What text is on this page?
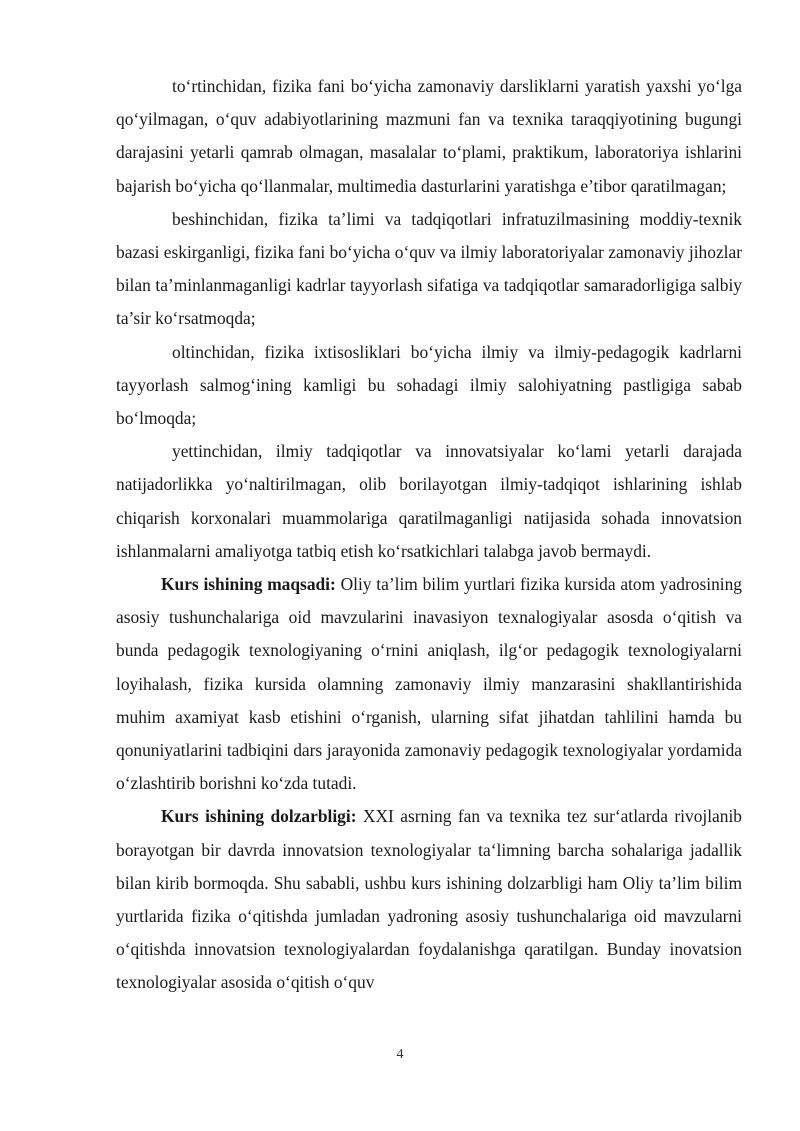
to‘rtinchidan, fizika fani bo‘yicha zamonaviy darsliklarni yaratish yaxshi yo‘lga qo‘yilmagan, o‘quv adabiyotlarining mazmuni fan va texnika taraqqiyotining bugungi darajasini yetarli qamrab olmagan, masalalar to‘plami, praktikum, laboratoriya ishlarini bajarish bo‘yicha qo‘llanmalar, multimedia dasturlarini yaratishga e’tibor qaratilmagan;

beshinchidan, fizika ta’limi va tadqiqotlari infratuzilmasining moddiy-texnik bazasi eskirganligi, fizika fani bo‘yicha o‘quv va ilmiy laboratoriyalar zamonaviy jihozlar bilan ta’minlanmaganligi kadrlar tayyorlash sifatiga va tadqiqotlar samaradorligiga salbiy ta’sir ko‘rsatmoqda;

oltinchidan, fizika ixtisosliklari bo‘yicha ilmiy va ilmiy-pedagogik kadrlarni tayyorlash salmog‘ining kamligi bu sohadagi ilmiy salohiyatning pastligiga sabab bo‘lmoqda;

yettinchidan, ilmiy tadqiqotlar va innovatsiyalar ko‘lami yetarli darajada natijadorlikka yo‘naltirilmagan, olib borilayotgan ilmiy-tadqiqot ishlarining ishlab chiqarish korxonalari muammolariga qaratilmaganligi natijasida sohada innovatsion ishlanmalarni amaliyotga tatbiq etish ko‘rsatkichlari talabga javob bermaydi.

Kurs ishining maqsadi: Oliy ta’lim bilim yurtlari fizika kursida atom yadrosining asosiy tushunchalariga oid mavzularini inavasiyon texnalogiyalar asosda o‘qitish va bunda pedagogik texnologiyaning o‘rnini aniqlash, ilg‘or pedagogik texnologiyalarni loyihalash, fizika kursida olamning zamonaviy ilmiy manzarasini shakllantirishida muhim axamiyat kasb etishini o‘rganish, ularning sifat jihatdan tahlilini hamda bu qonuniyatlarini tadbiqini dars jarayonida zamonaviy pedagogik texnologiyalar yordamida o‘zlashtirib borishni ko‘zda tutadi.

Kurs ishining dolzarbligi: XXI asrning fan va texnika tez sur‘atlarda rivojlanib borayotgan bir davrda innovatsion texnologiyalar ta‘limning barcha sohalariga jadallik bilan kirib bormoqda. Shu sababli, ushbu kurs ishining dolzarbligi ham Oliy ta’lim bilim yurtlarida fizika o‘qitishda jumladan yadroning asosiy tushunchalariga oid mavzularni o‘qitishda innovatsion texnologiyalardan foydalanishga qaratilgan. Bunday inovatsion texnologiyalar asosida o‘qitish o‘quv

4
